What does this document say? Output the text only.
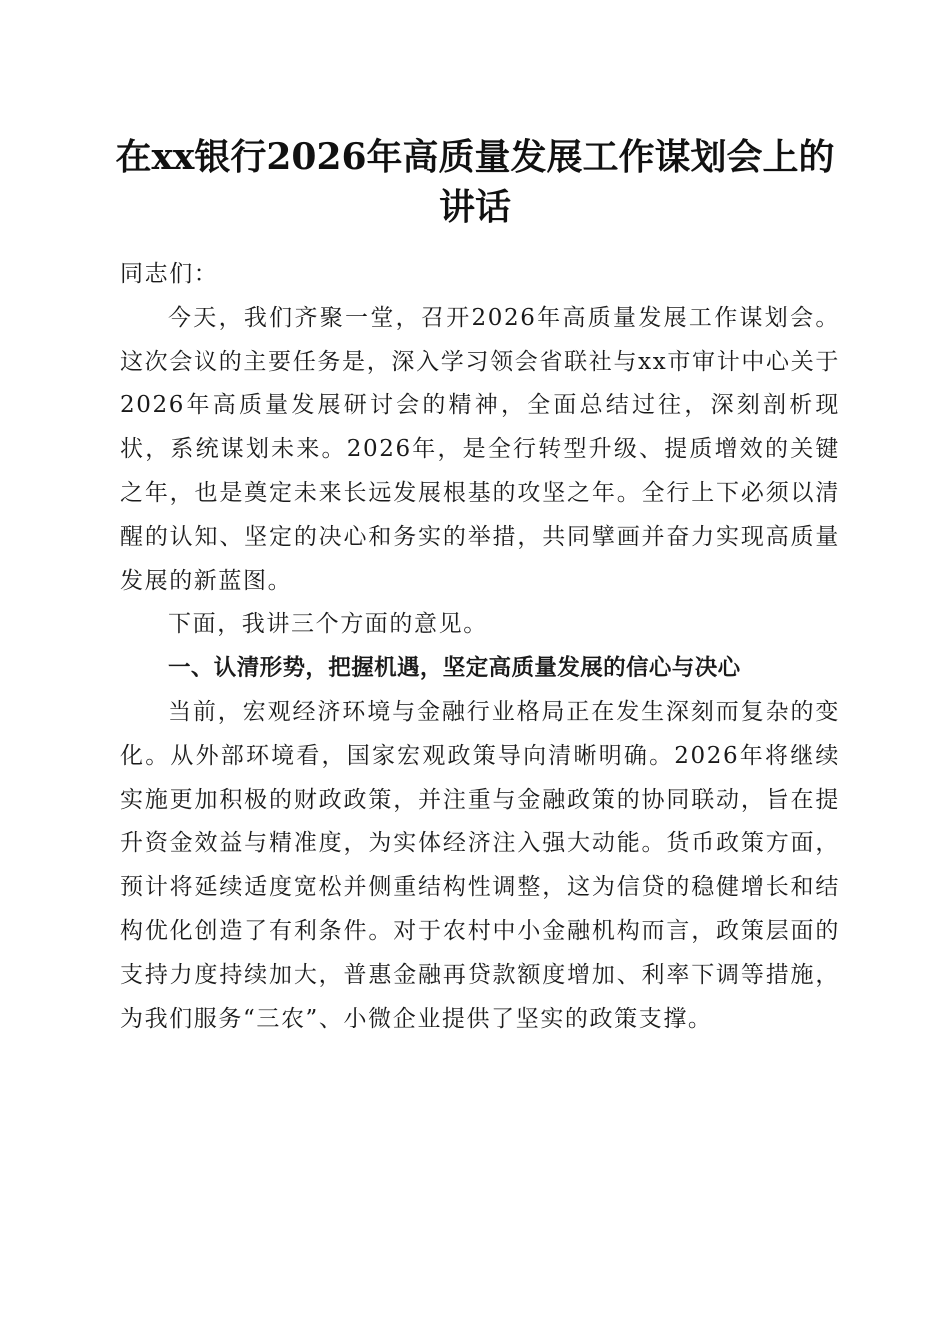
在xx银行2026年高质量发展工作谋划会上的
讲话

同志们：

今天，我们齐聚一堂，召开2026年高质量发展工作谋划会。这次会议的主要任务是，深入学习领会省联社与xx市审计中心关于2026年高质量发展研讨会的精神，全面总结过往，深刻剖析现状，系统谋划未来。2026年，是全行转型升级、提质增效的关键之年，也是奠定未来长远发展根基的攻坚之年。全行上下必须以清醒的认知、坚定的决心和务实的举措，共同擘画并奋力实现高质量发展的新蓝图。

下面，我讲三个方面的意见。

一、认清形势，把握机遇，坚定高质量发展的信心与决心

当前，宏观经济环境与金融行业格局正在发生深刻而复杂的变化。从外部环境看，国家宏观政策导向清晰明确。2026年将继续实施更加积极的财政政策，并注重与金融政策的协同联动，旨在提升资金效益与精准度，为实体经济注入强大动能。货币政策方面，预计将延续适度宽松并侧重结构性调整，这为信贷的稳健增长和结构优化创造了有利条件。对于农村中小金融机构而言，政策层面的支持力度持续加大，普惠金融再贷款额度增加、利率下调等措施，为我们服务“三农”、小微企业提供了坚实的政策支撑。
